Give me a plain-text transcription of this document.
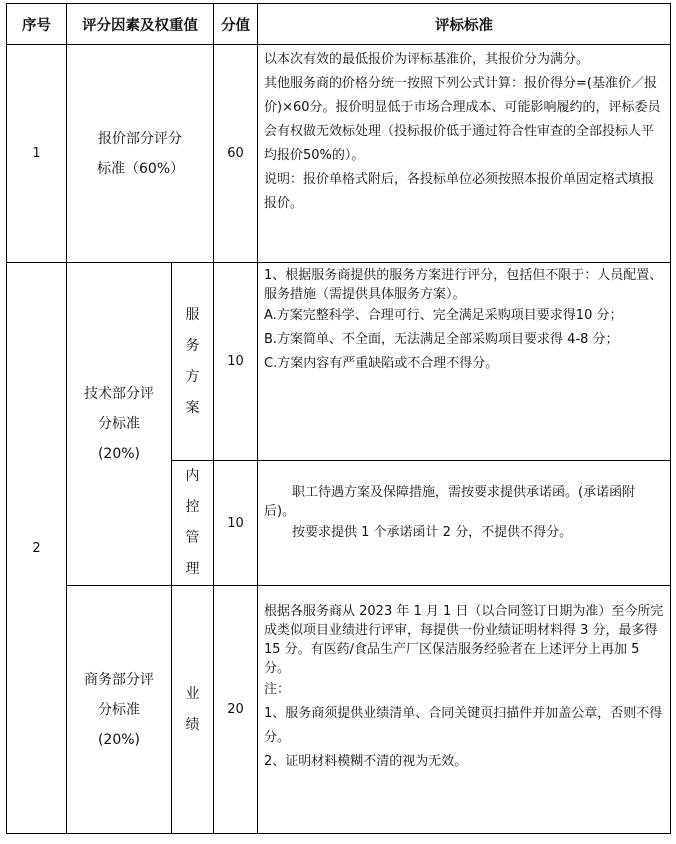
序号	评分因素及权重值		分值	评标标准
1	报价部分评分标准（60%）		60	以本次有效的最低报价为评标基准价，其报价分为满分。

其他服务商的价格分统一按照下列公式计算：报价得分=(基准价／报价)×60分。报价明显低于市场合理成本、可能影响履约的，评标委员会有权做无效标处理（投标报价低于通过符合性审查的全部投标人平均报价50%的）。

说明：报价单格式附后，各投标单位必须按照本报价单固定格式填报报价。

2	技术部分评分标准(20%)	服务方案	10	1、根据服务商提供的服务方案进行评分，包括但不限于：人员配置、服务措施（需提供具体服务方案）。

A.方案完整科学、合理可行、完全满足采购项目要求得10 分；

B.方案简单、不全面，无法满足全部采购项目要求得 4-8 分；

C.方案内容有严重缺陷或不合理不得分。

		内控管理	10	职工待遇方案及保障措施，需按要求提供承诺函。(承诺函附后)。

按要求提供 1 个承诺函计 2 分，不提供不得分。

	商务部分评分标准(20%)	业绩	20	根据各服务商从 2023 年 1 月 1 日（以合同签订日期为准）至今所完成类似项目业绩进行评审，每提供一份业绩证明材料得 3 分，最多得 15 分。有医药/食品生产厂区保洁服务经验者在上述评分上再加 5 分。

注：

1、服务商须提供业绩清单、合同关键页扫描件并加盖公章，否则不得分。

2、证明材料模糊不清的视为无效。
